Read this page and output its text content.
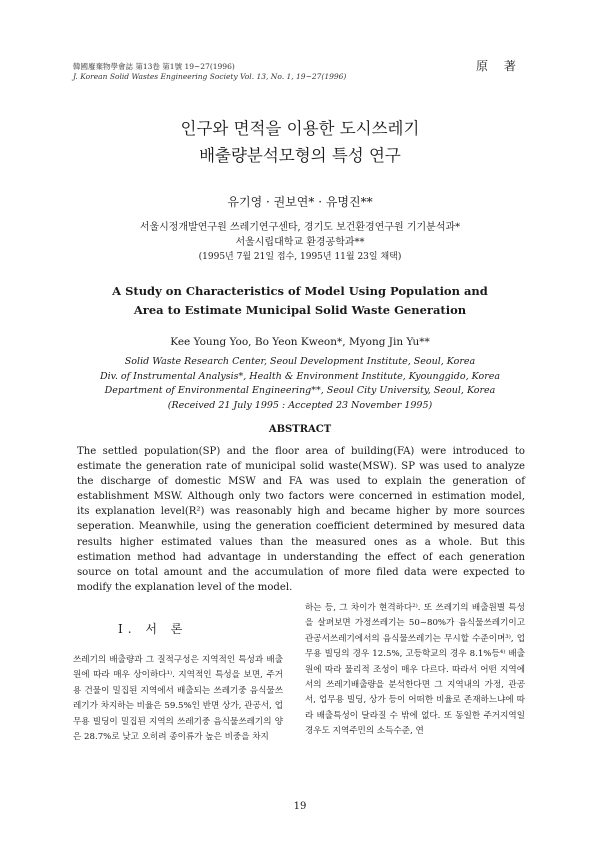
韓國廢棄物學會誌 第13卷 第1號 19~27(1996)
J. Korean Solid Wastes Engineering Society Vol. 13, No. 1, 19~27(1996)
原 著
인구와 면적을 이용한 도시쓰레기
배출량분석모형의 특성 연구
유기영 · 권보연* · 유명진**
서울시정개발연구원 쓰레기연구센타, 경기도 보건환경연구원 기기분석과*
서울시립대학교 환경공학과**
(1995년 7월 21일 접수, 1995년 11월 23일 채택)
A Study on Characteristics of Model Using Population and
Area to Estimate Municipal Solid Waste Generation
Kee Young Yoo, Bo Yeon Kweon*, Myong Jin Yu**
Solid Waste Research Center, Seoul Development Institute, Seoul, Korea
Div. of Instrumental Analysis*, Health & Environment Institute, Kyounggido, Korea
Department of Environmental Engineering**, Seoul City University, Seoul, Korea
(Received 21 July 1995 : Accepted 23 November 1995)
ABSTRACT
The settled population(SP) and the floor area of building(FA) were introduced to estimate the generation rate of municipal solid waste(MSW). SP was used to analyze the discharge of domestic MSW and FA was used to explain the generation of establishment MSW. Although only two factors were concerned in estimation model, its explanation level(R²) was reasonably high and became higher by more sources seperation. Meanwhile, using the generation coefficient determined by mesured data results higher estimated values than the measured ones as a whole. But this estimation method had advantage in understanding the effect of each generation source on total amount and the accumulation of more filed data were expected to modify the explanation level of the model.
Ⅰ. 서 론
쓰레기의 배출량과 그 질적구성은 지역적인 특성과 배출원에 따라 매우 상이하다¹⁾. 지역적인 특성을 보면, 주거용 건물이 밀집된 지역에서 배출되는 쓰레기중 음식물쓰레기가 차지하는 비율은 59.5%인 반면 상가, 관공서, 업무용 빌딩이 밀집된 지역의 쓰레기중 음식물쓰레기의 양은 28.7%로 낮고 오히려 종이류가 높은 비중을 차지
하는 등, 그 차이가 현격하다²⁾. 또 쓰레기의 배출원별 특성을 살펴보면 가정쓰레기는 50~80%가 음식물쓰레기이고 관공서쓰레기에서의 음식물쓰레기는 무시할 수준이며³⁾, 업무용 빌딩의 경우 12.5%, 고등학교의 경우 8.1%등⁴⁾ 배출원에 따라 물리적 조성이 매우 다르다. 따라서 어떤 지역에서의 쓰레기배출량을 분석한다면 그 지역내의 가정, 관공서, 업무용 빌딩, 상가 등이 어떠한 비율로 존재하느냐에 따라 배출특성이 달라질 수 밖에 없다. 또 동일한 주거지역일 경우도 지역주민의 소득수준, 연
19
